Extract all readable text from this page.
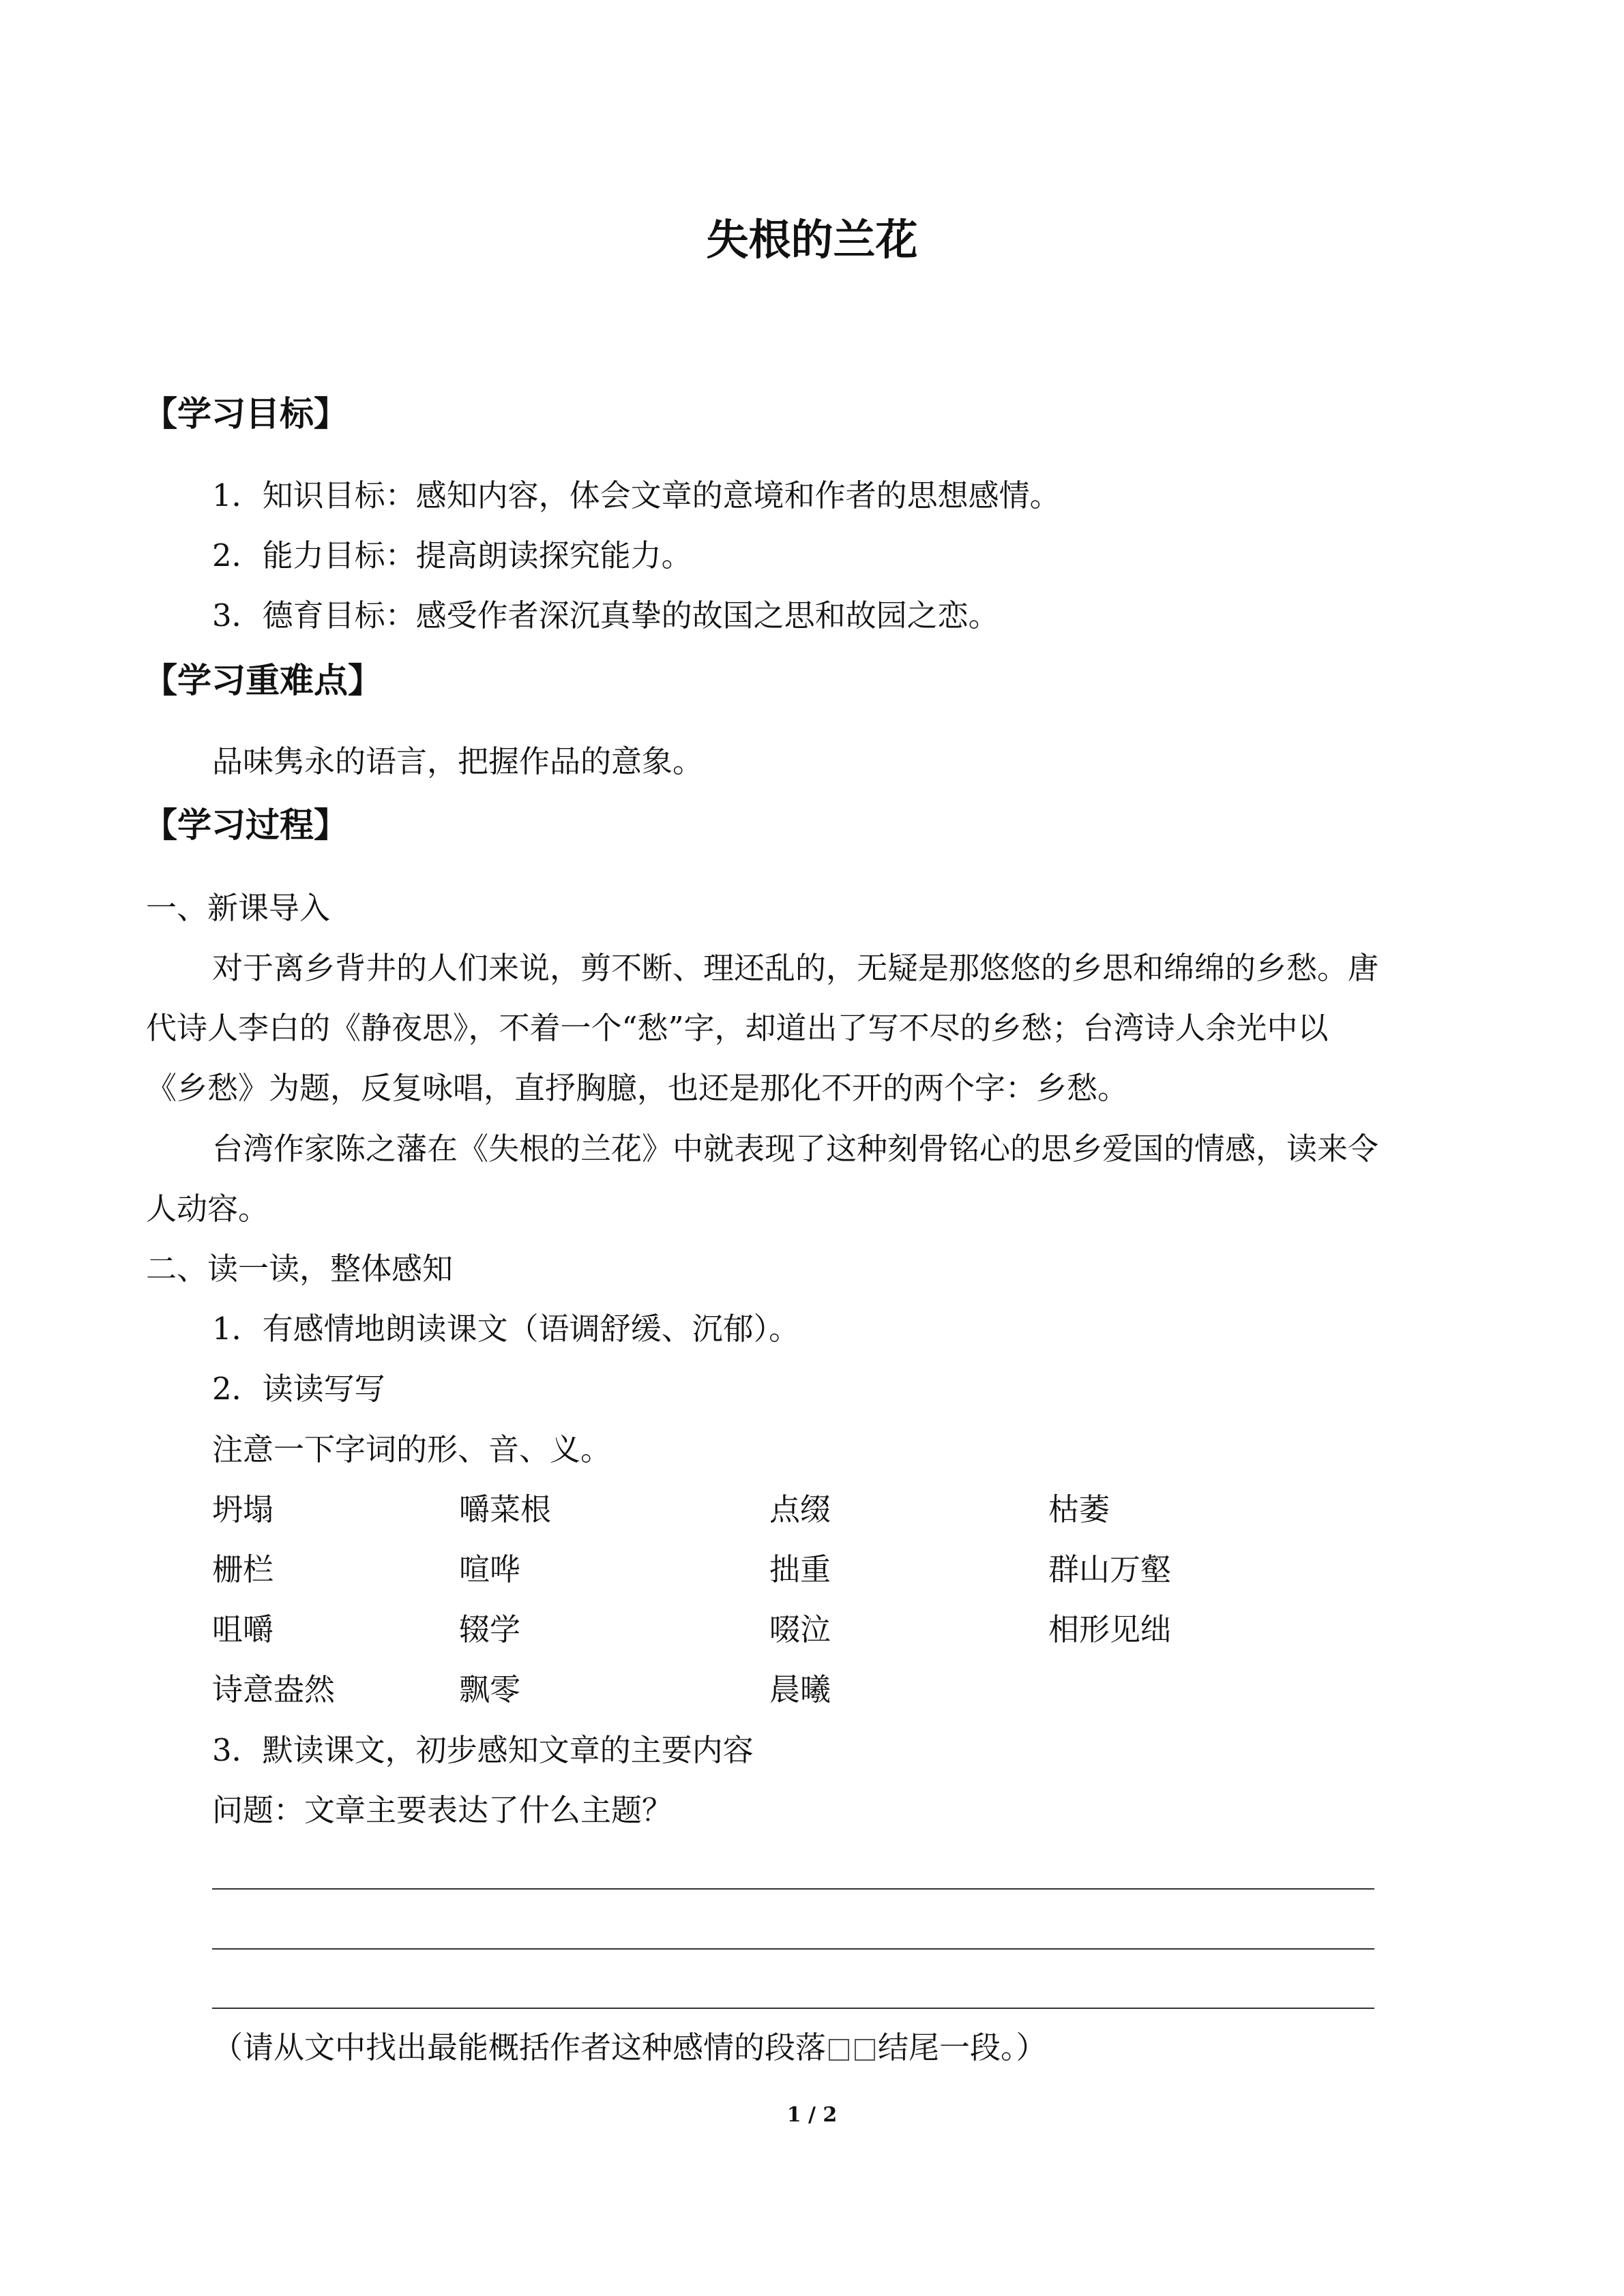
失根的兰花
【学习目标】
1．知识目标：感知内容，体会文章的意境和作者的思想感情。
2．能力目标：提高朗读探究能力。
3．德育目标：感受作者深沉真挚的故国之思和故园之恋。
【学习重难点】
品味隽永的语言，把握作品的意象。
【学习过程】
一、新课导入
对于离乡背井的人们来说，剪不断、理还乱的，无疑是那悠悠的乡思和绵绵的乡愁。唐
代诗人李白的《静夜思》，不着一个“愁”字，却道出了写不尽的乡愁；台湾诗人余光中以
《乡愁》为题，反复咏唱，直抒胸臆，也还是那化不开的两个字：乡愁。
台湾作家陈之藩在《失根的兰花》中就表现了这种刻骨铭心的思乡爱国的情感，读来令
人动容。
二、读一读，整体感知
1．有感情地朗读课文（语调舒缓、沉郁）。
2．读读写写
注意一下字词的形、音、义。
坍塌	嚼菜根	点缀	枯萎
栅栏	喧哗	拙重	群山万壑
咀嚼	辍学	啜泣	相形见绌
诗意盎然	飘零	晨曦
3．默读课文，初步感知文章的主要内容
问题：文章主要表达了什么主题？
（请从文中找出最能概括作者这种感情的段落 结尾一段。）
1 / 2
